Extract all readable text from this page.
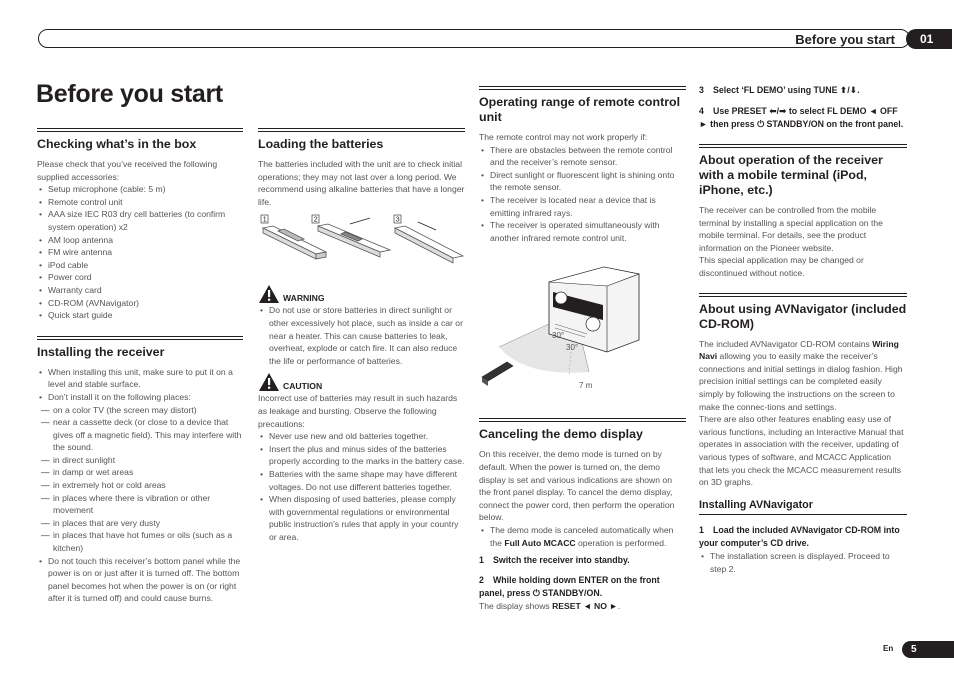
Before you start	01
Before you start
Checking what’s in the box

Please check that you’ve received the following supplied accessories:

• Setup microphone (cable: 5 m)
• Remote control unit
• AAA size IEC R03 dry cell batteries (to confirm system operation) x2
• AM loop antenna
• FM wire antenna
• iPod cable
• Power cord
• Warranty card
• CD-ROM (AVNavigator)
• Quick start guide
Installing the receiver
• When installing this unit, make sure to put it on a level and stable surface.
• Don’t install it on the following places:
— on a color TV (the screen may distort)
— near a cassette deck (or close to a device that gives off a magnetic field). This may interfere with the sound.
— in direct sunlight
— in damp or wet areas
— in extremely hot or cold areas
— in places where there is vibration or other movement
— in places that are very dusty
— in places that have hot fumes or oils (such as a kitchen)
• Do not touch this receiver’s bottom panel while the power is on or just after it is turned off. The bottom panel becomes hot when the power is on (or right after it is turned off) and could cause burns.
Loading the batteries

The batteries included with the unit are to check initial operations; they may not last over a long period. We recommend using alkaline batteries that have a longer life.

1	2	3
WARNING
• Do not use or store batteries in direct sunlight or other excessively hot place, such as inside a car or near a heater. This can cause batteries to leak, overheat, explode or catch fire. It can also reduce the life or performance of batteries.
CAUTION

Incorrect use of batteries may result in such hazards as leakage and bursting. Observe the following precautions:

• Never use new and old batteries together.
• Insert the plus and minus sides of the batteries properly according to the marks in the battery case.
• Batteries with the same shape may have different voltages. Do not use different batteries together.
• When disposing of used batteries, please comply with governmental regulations or environmental public instruction’s rules that apply in your country or area.
Operating range of remote control unit

The remote control may not work properly if:

• There are obstacles between the remote control and the receiver’s remote sensor.
• Direct sunlight or fluorescent light is shining onto the remote sensor.
• The receiver is located near a device that is emitting infrared rays.
• The receiver is operated simultaneously with another infrared remote control unit.
30°
30°
7 m
Canceling the demo display

On this receiver, the demo mode is turned on by default. When the power is turned on, the demo display is set and various indications are shown on the front panel display. To cancel the demo display, connect the power cord, then perform the operation below.

• The demo mode is canceled automatically when the Full Auto MCACC operation is performed.

1 Switch the receiver into standby.

2 While holding down ENTER on the front panel, press ⏻ STANDBY/ON.

The display shows RESET ◄ NO ►.

3 Select ‘FL DEMO’ using TUNE ⬆/⬇.

4 Use PRESET ⬅/➡ to select FL DEMO ◄ OFF ► then press ⏻ STANDBY/ON on the front panel.

About operation of the receiver with a mobile terminal (iPod, iPhone, etc.)

The receiver can be controlled from the mobile terminal by installing a special application on the mobile terminal. For details, see the product information on the Pioneer website.

This special application may be changed or discontinued without notice.

About using AVNavigator (included CD-ROM)

The included AVNavigator CD-ROM contains Wiring Navi allowing you to easily make the receiver’s connections and initial settings in dialog fashion. High precision initial settings can be completed easily simply by following the instructions on the screen to make the connec-tions and settings.

There are also other features enabling easy use of various functions, including an Interactive Manual that operates in association with the receiver, updating of various types of software, and MCACC Application that lets you check the MCACC measurement results on 3D graphs.

Installing AVNavigator

1 Load the included AVNavigator CD-ROM into your computer’s CD drive.

• The installation screen is displayed. Proceed to step 2.
En	5
